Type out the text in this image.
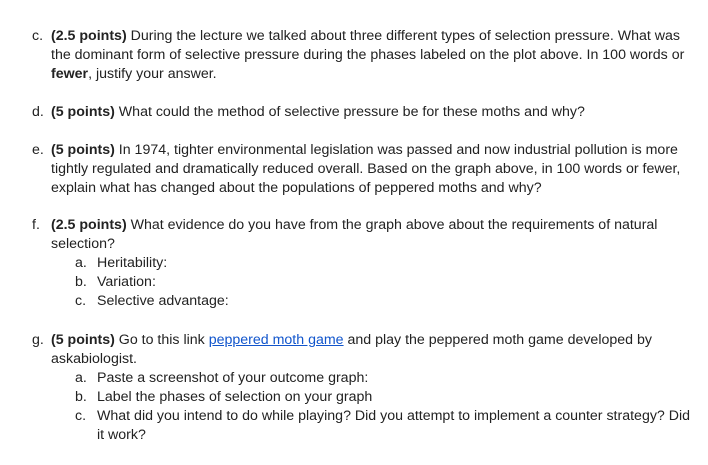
c. (2.5 points) During the lecture we talked about three different types of selection pressure. What was
the dominant form of selective pressure during the phases labeled on the plot above. In 100 words or
fewer, justify your answer.
d. (5 points) What could the method of selective pressure be for these moths and why?
e. (5 points) In 1974, tighter environmental legislation was passed and now industrial pollution is more
tightly regulated and dramatically reduced overall. Based on the graph above, in 100 words or fewer,
explain what has changed about the populations of peppered moths and why?
f. (2.5 points) What evidence do you have from the graph above about the requirements of natural
selection?
a. Heritability:
b. Variation:
c. Selective advantage:
g. (5 points) Go to this link peppered moth game and play the peppered moth game developed by
askabiologist.
a. Paste a screenshot of your outcome graph:
b. Label the phases of selection on your graph
c. What did you intend to do while playing? Did you attempt to implement a counter strategy? Did
it work?
